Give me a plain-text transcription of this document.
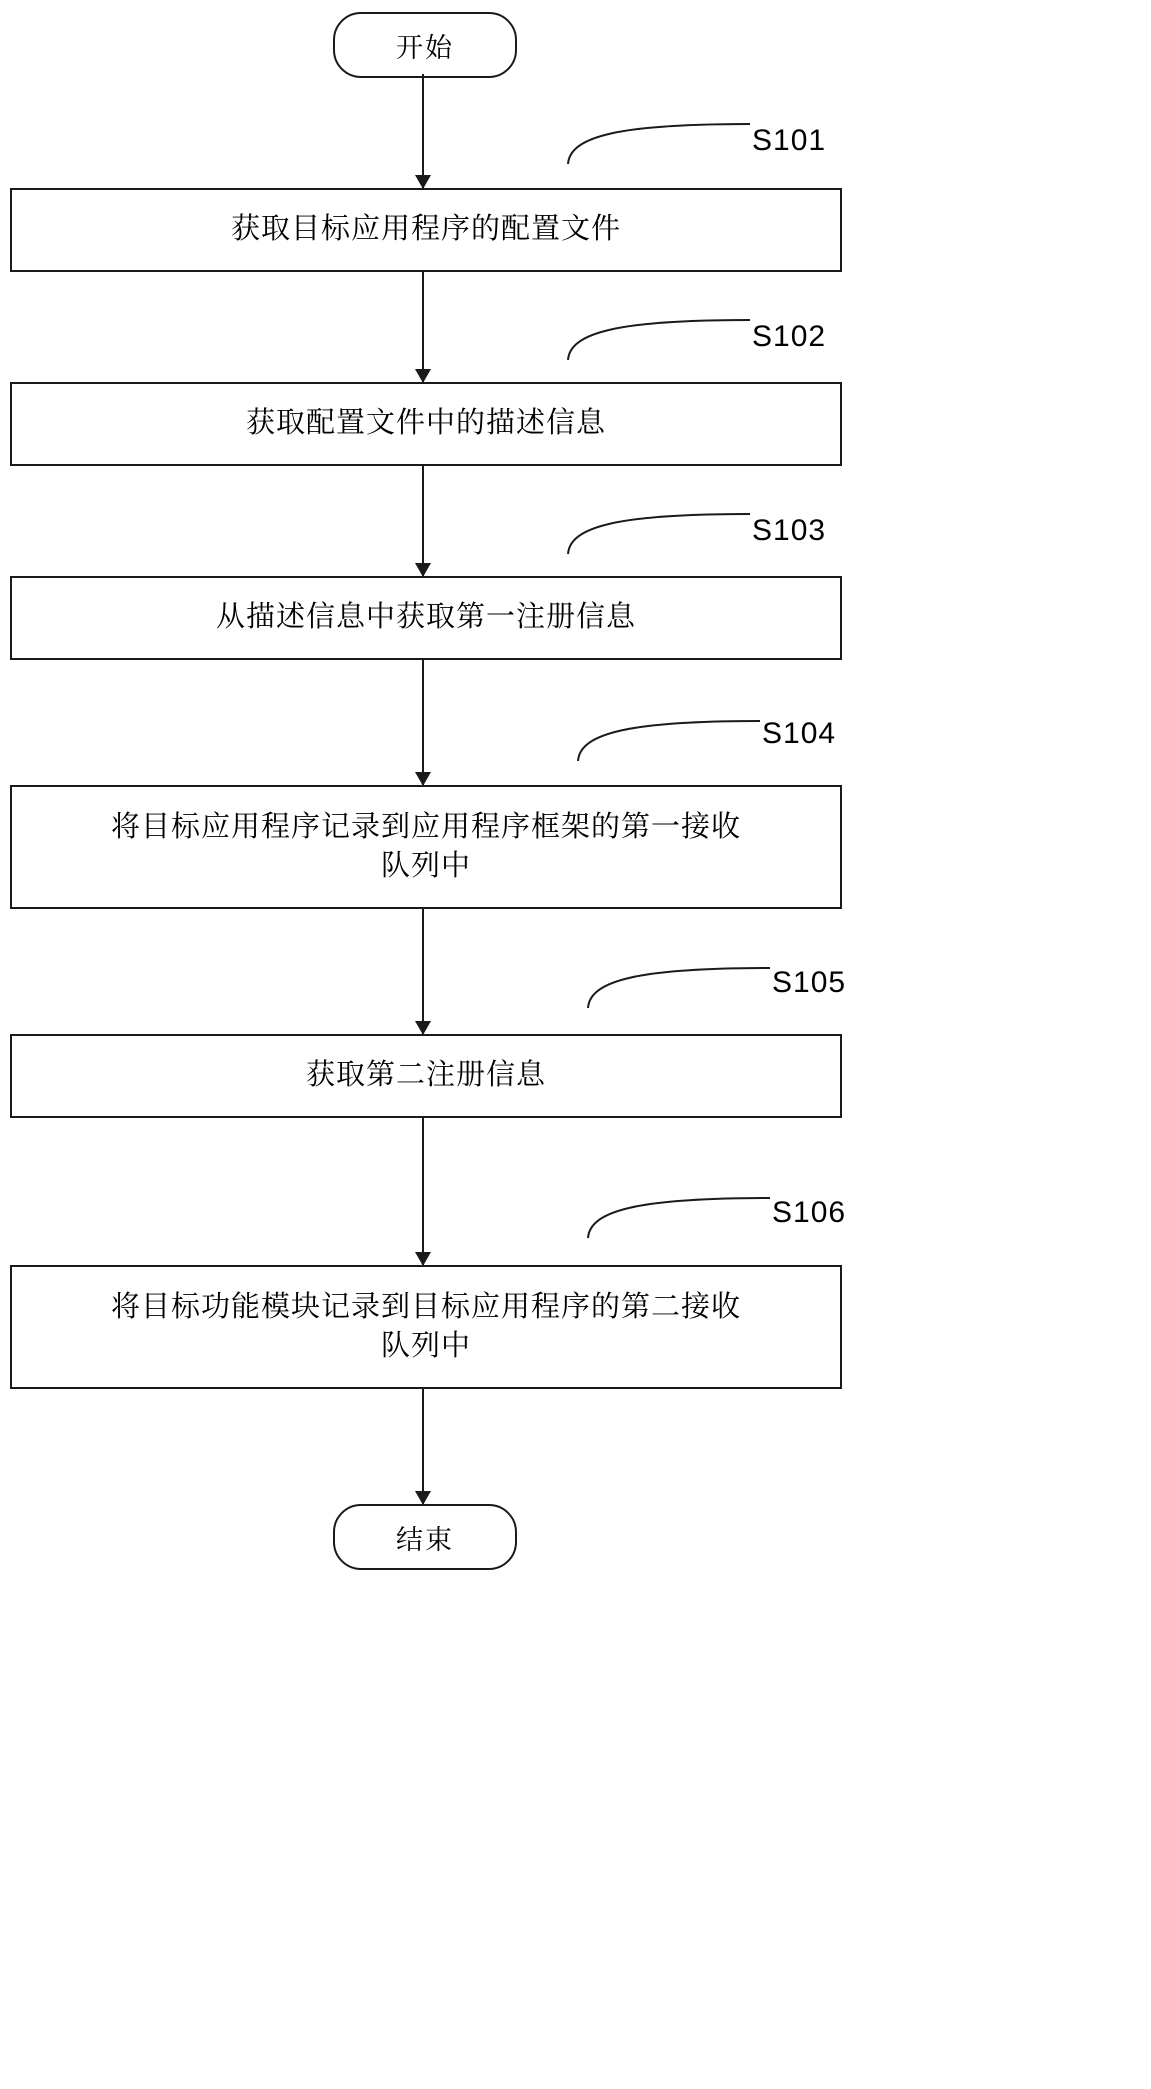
开始
S101
获取目标应用程序的配置文件
S102
获取配置文件中的描述信息
S103
从描述信息中获取第一注册信息
S104
将目标应用程序记录到应用程序框架的第一接收
队列中
S105
获取第二注册信息
S106
将目标功能模块记录到目标应用程序的第二接收
队列中
结束
